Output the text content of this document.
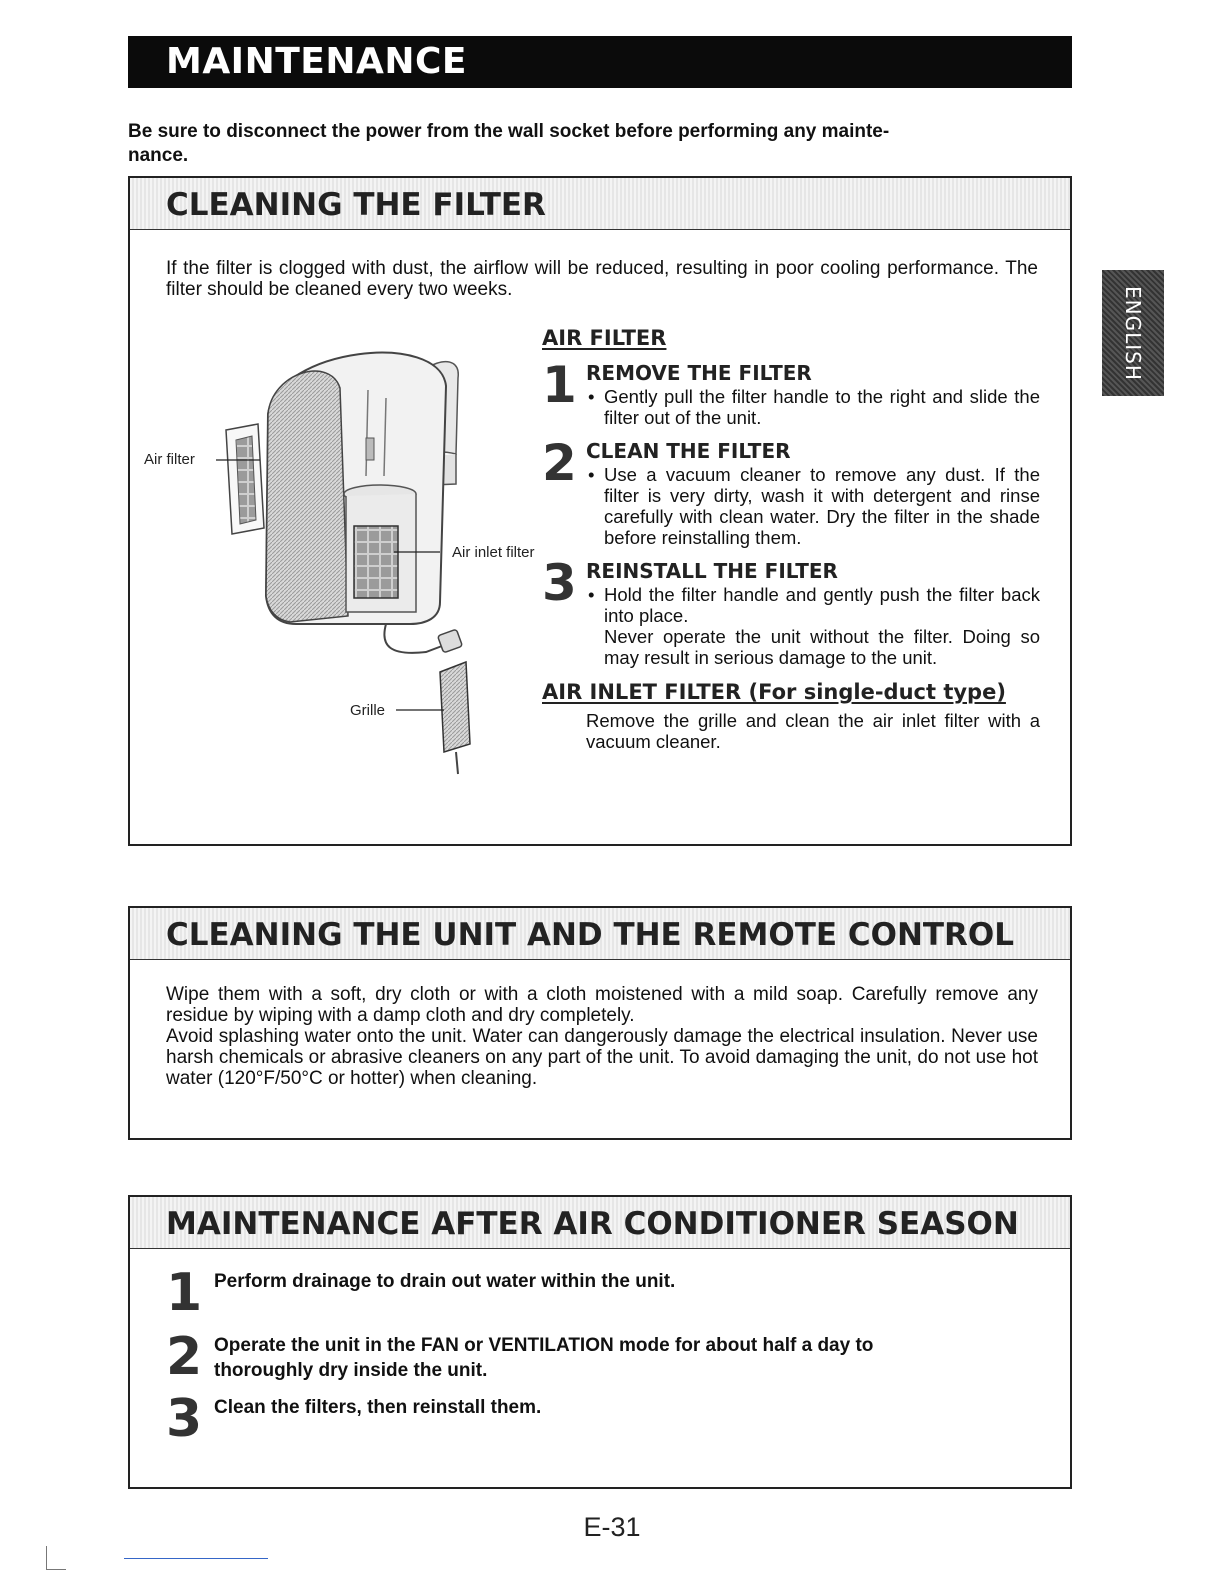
MAINTENANCE
Be sure to disconnect the power from the wall socket before performing any mainte-
nance.
ENGLISH
CLEANING THE FILTER
If the filter is clogged with dust, the airflow will be reduced, resulting in poor cooling performance. The filter should be cleaned every two weeks.
Air filter
Air inlet filter
Grille
AIR FILTER
1 REMOVE THE FILTER
• Gently pull the filter handle to the right and slide the filter out of the unit.
2 CLEAN THE FILTER
• Use a vacuum cleaner to remove any dust. If the filter is very dirty, wash it with detergent and rinse carefully with clean water. Dry the filter in the shade before reinstalling them.
3 REINSTALL THE FILTER
• Hold the filter handle and gently push the filter back into place.
Never operate the unit without the filter. Doing so may result in serious damage to the unit.
AIR INLET FILTER (For single-duct type)
Remove the grille and clean the air inlet filter with a vacuum cleaner.
CLEANING THE UNIT AND THE REMOTE CONTROL
Wipe them with a soft, dry cloth or with a cloth moistened with a mild soap. Carefully remove any residue by wiping with a damp cloth and dry completely.
Avoid splashing water onto the unit. Water can dangerously damage the electrical insulation. Never use harsh chemicals or abrasive cleaners on any part of the unit. To avoid damaging the unit, do not use hot water (120°F/50°C or hotter) when cleaning.
MAINTENANCE AFTER AIR CONDITIONER SEASON
1 Perform drainage to drain out water within the unit.
2 Operate the unit in the FAN or VENTILATION mode for about half a day to thoroughly dry inside the unit.
3 Clean the filters, then reinstall them.
E-31
